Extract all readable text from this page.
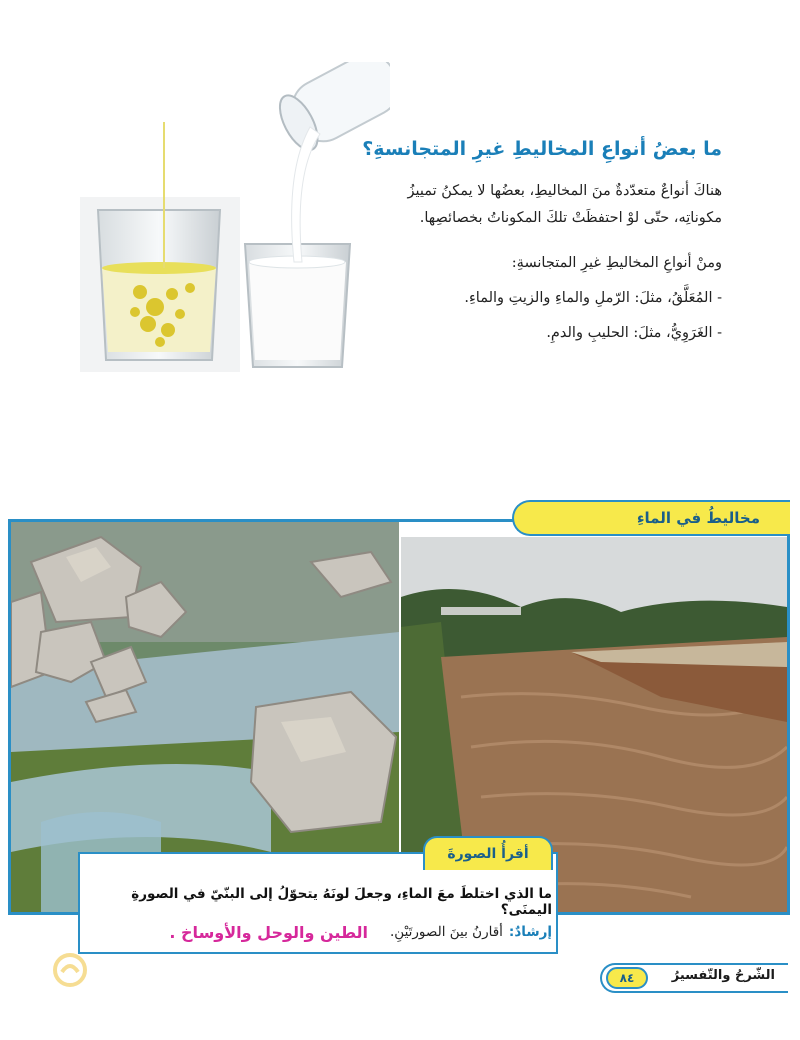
ما بعضُ أنواعِ المخاليطِ غيرِ المتجانسةِ؟
هناكَ أنواعٌ متعدّدةٌ منَ المخاليطِ، بعضُها لا يمكنُ تمييزُ مكوناتِه، حتّى لوْ احتفظَتْ تلكَ المكوناتُ بخصائصِها.
ومنْ أنواعِ المخاليطِ غيرِ المتجانسةِ:
- المُعَلَّقُ، مثلَ: الرّملِ والماءِ والزيتِ والماءِ.
- الغَرَوِيُّ، مثلَ: الحليبِ والدمِ.
مخاليطُ في الماءِ
أقرأُ الصورةَ
ما الذي اختلطَ معَ الماءِ، وجعلَ لونَهُ يتحوّلُ إلى البنّيّ في الصورةِ اليمنَى؟
إرشادٌ:
أقارنُ بينَ الصورتَيْنِ.
الطين والوحل والأوساخ .
٨٤	الشّرحُ والتّفسيرُ
